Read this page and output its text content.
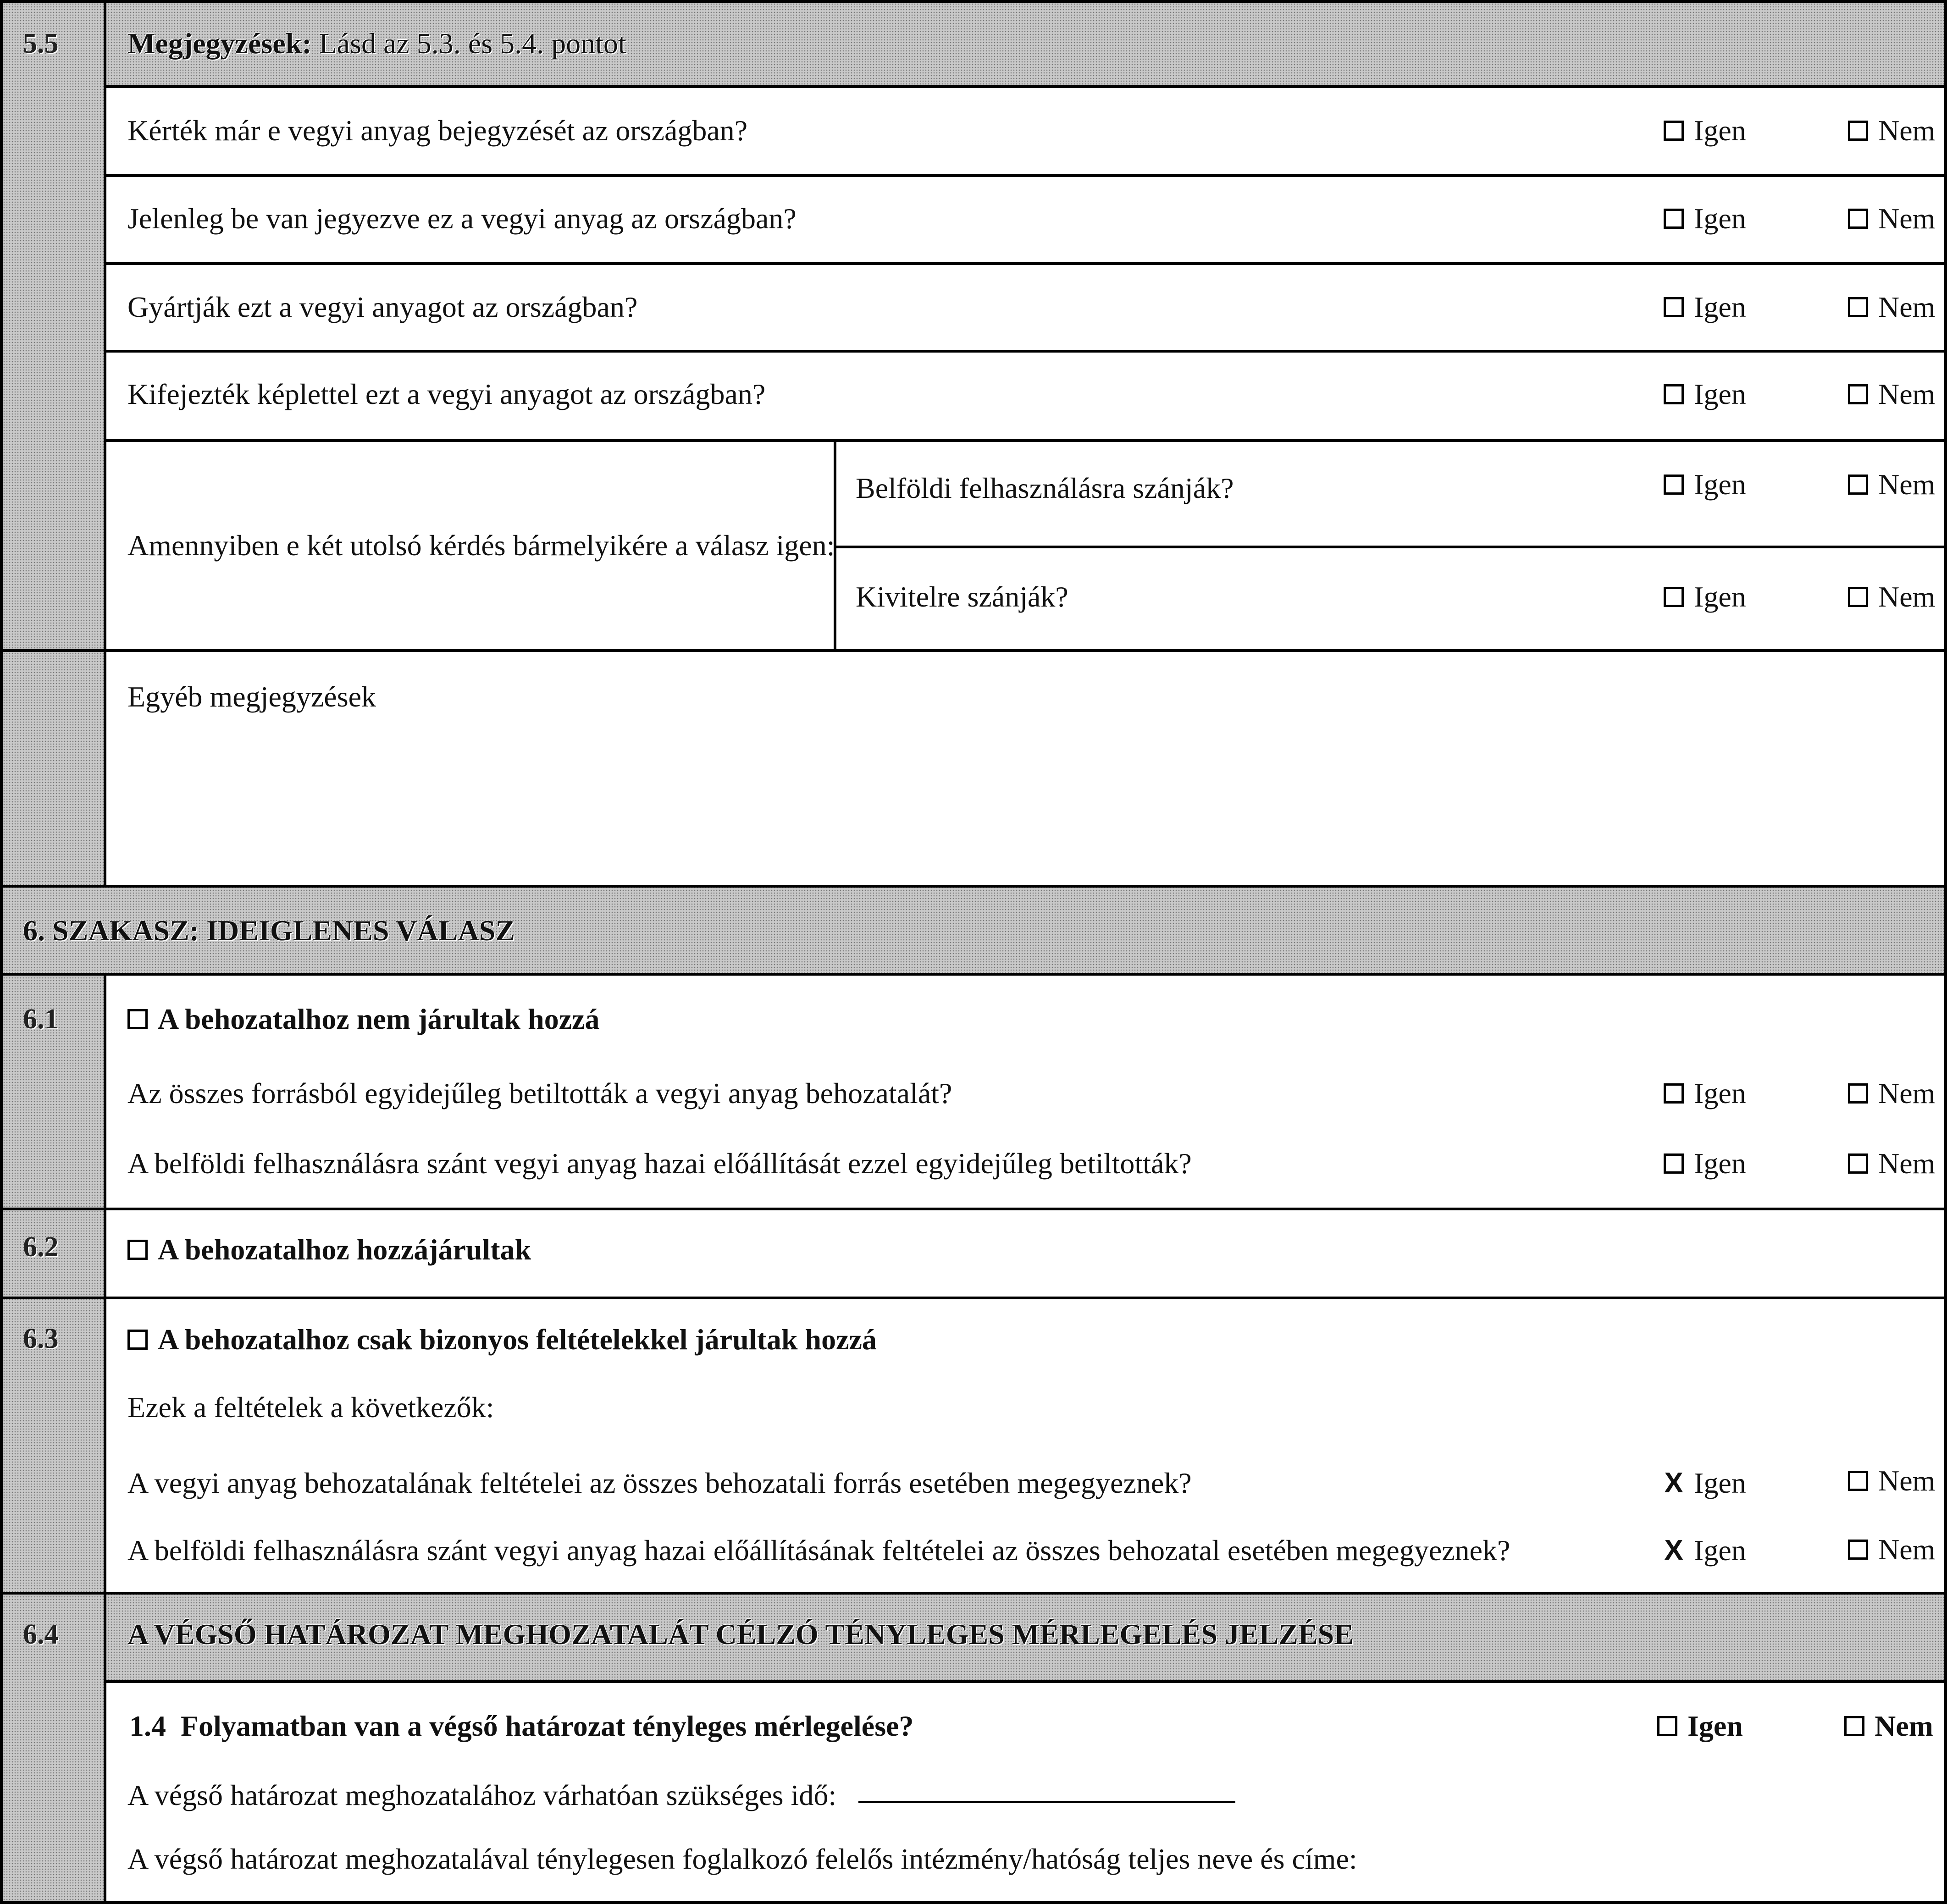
5.5 Megjegyzések: Lásd az 5.3. és 5.4. pontot
Kérték már e vegyi anyag bejegyzését az országban?	Igen	Nem
Jelenleg be van jegyezve ez a vegyi anyag az országban?	Igen	Nem
Gyártják ezt a vegyi anyagot az országban?	Igen	Nem
Kifejezték képlettel ezt a vegyi anyagot az országban?	Igen	Nem
Amennyiben e két utolsó kérdés bármelyikére a válasz igen:
Belföldi felhasználásra szánják?	Igen	Nem
Kivitelre szánják?	Igen	Nem
Egyéb megjegyzések
6. SZAKASZ: IDEIGLENES VÁLASZ
6.1	A behozatalhoz nem járultak hozzá
Az összes forrásból egyidejűleg betiltották a vegyi anyag behozatalát?	Igen	Nem
A belföldi felhasználásra szánt vegyi anyag hazai előállítását ezzel egyidejűleg betiltották?	Igen	Nem
6.2	A behozatalhoz hozzájárultak
6.3	A behozatalhoz csak bizonyos feltételekkel járultak hozzá
Ezek a feltételek a következők:
A vegyi anyag behozatalának feltételei az összes behozatali forrás esetében megegyeznek?	X Igen	Nem
A belföldi felhasználásra szánt vegyi anyag hazai előállításának feltételei az összes behozatal esetében megegyeznek?	X Igen	Nem
6.4 A VÉGSŐ HATÁROZAT MEGHOZATALÁT CÉLZÓ TÉNYLEGES MÉRLEGELÉS JELZÉSE
1.4 Folyamatban van a végső határozat tényleges mérlegelése?	Igen	Nem
A végső határozat meghozatalához várhatóan szükséges idő:
A végső határozat meghozatalával ténylegesen foglalkozó felelős intézmény/hatóság teljes neve és címe:
